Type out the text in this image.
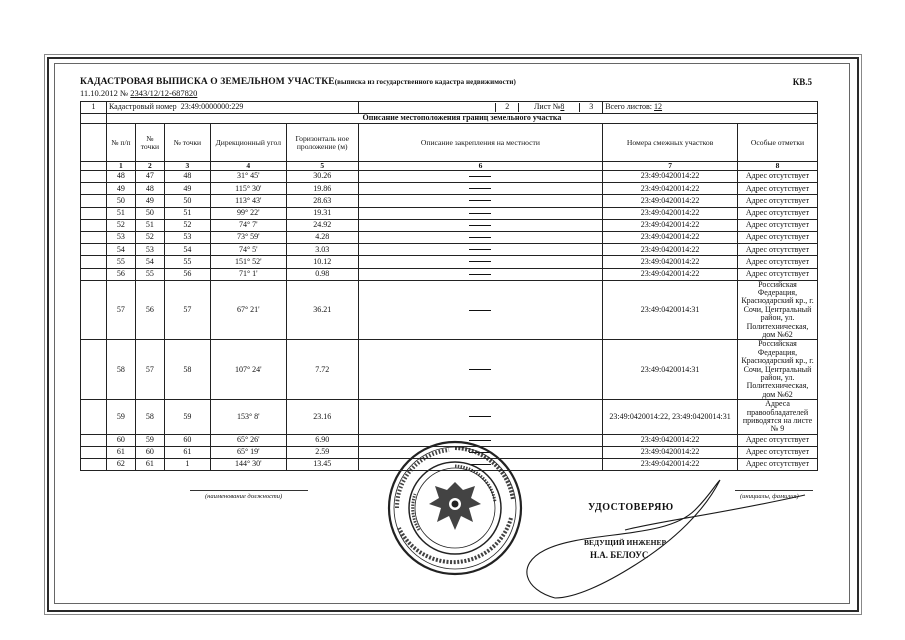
КАДАСТРОВАЯ ВЫПИСКА О ЗЕМЕЛЬНОМ УЧАСТКЕ(выписка из государственного кадастра недвижимости)	КВ.5
11.10.2012 № 2343/12/12-687820
1	Кадастровый номер 23:49:0000000:229					2 Лист №8 3	Всего листов: 12	
	Описание местоположения границ земельного участка							
	№ п/п	№ точки	№ точки	Дирекционный угол	Горизонталь ное проложение (м)	Описание закрепления на местности	Номера смежных участков	Особые отметки
	1	2	3	4	5	6	7	8
	48	47	48	31° 45'	30.26		23:49:0420014:22	Адрес отсутствует
	49	48	49	115° 30'	19.86		23:49:0420014:22	Адрес отсутствует
	50	49	50	113° 43'	28.63		23:49:0420014:22	Адрес отсутствует
	51	50	51	99° 22'	19.31		23:49:0420014:22	Адрес отсутствует
	52	51	52	74° 7'	24.92		23:49:0420014:22	Адрес отсутствует
	53	52	53	73° 59'	4.28		23:49:0420014:22	Адрес отсутствует
	54	53	54	74° 5'	3.03		23:49:0420014:22	Адрес отсутствует
	55	54	55	151° 52'	10.12		23:49:0420014:22	Адрес отсутствует
	56	55	56	71° 1'	0.98		23:49:0420014:22	Адрес отсутствует
	57	56	57	67° 21'	36.21		23:49:0420014:31	Российская Федерация, Краснодарский кр., г. Сочи, Центральный район, ул. Политехническая, дом №62
	58	57	58	107° 24'	7.72		23:49:0420014:31	Российская Федерация, Краснодарский кр., г. Сочи, Центральный район, ул. Политехническая, дом №62
	59	58	59	153° 8'	23.16		23:49:0420014:22, 23:49:0420014:31	Адреса правообладателей приводятся на листе № 9
	60	59	60	65° 26'	6.90		23:49:0420014:22	Адрес отсутствует
	61	60	61	65° 19'	2.59		23:49:0420014:22	Адрес отсутствует
	62	61	1	144° 30'	13.45		23:49:0420014:22	Адрес отсутствует
(наименование должности)	(инициалы, фамилия)
УДОСТОВЕРЯЮ
ВЕДУЩИЙ ИНЖЕНЕР
Н.А. БЕЛОУС
